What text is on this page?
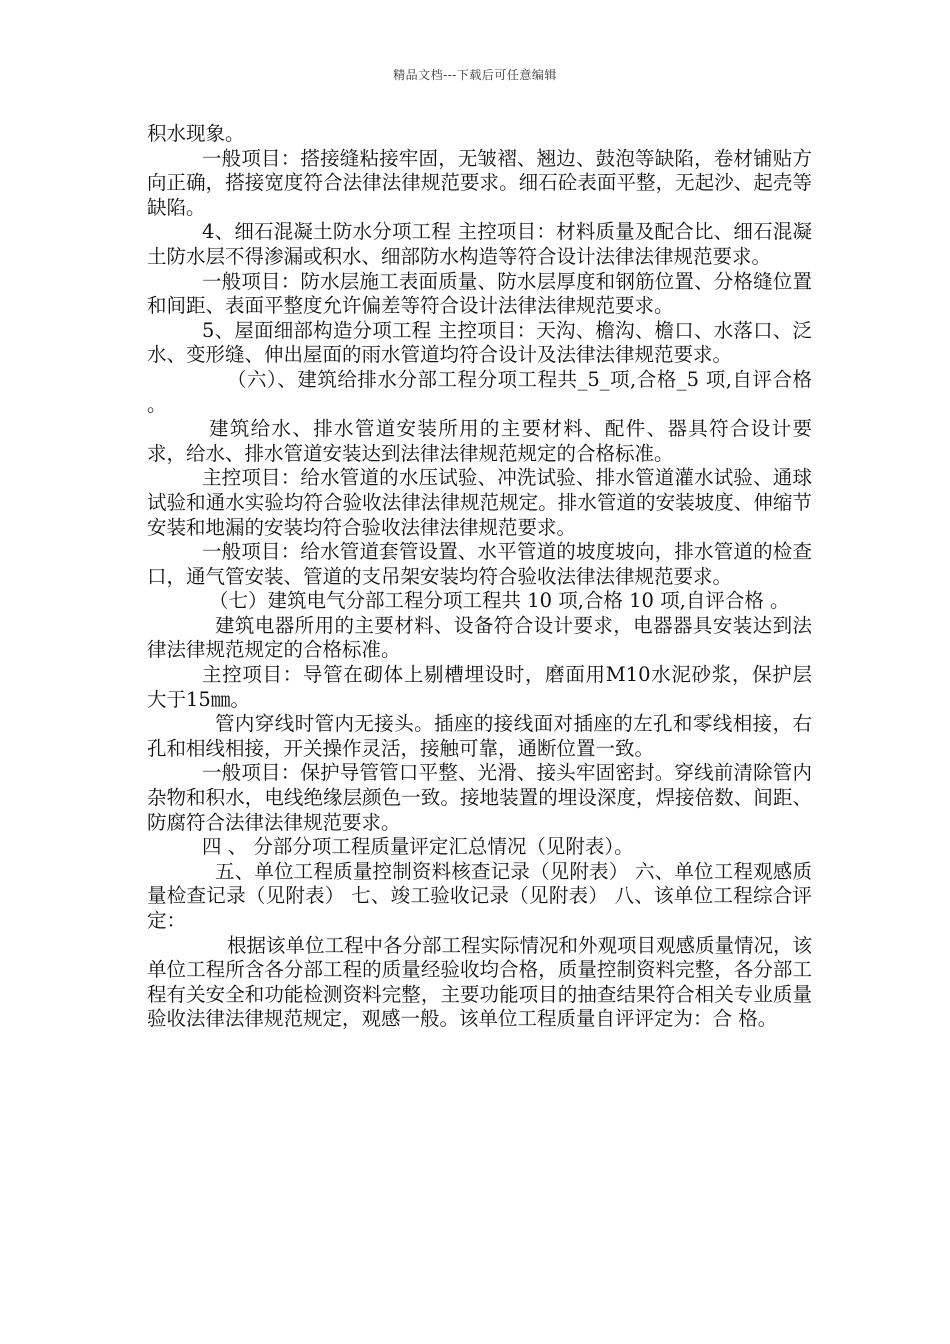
精品文档---下载后可任意编辑

积水现象。

一般项目：搭接缝粘接牢固，无皱褶、翘边、鼓泡等缺陷，卷材铺贴方向正确，搭接宽度符合法律法律规范要求。细石砼表面平整，无起沙、起壳等缺陷。

4、细石混凝土防水分项工程 主控项目：材料质量及配合比、细石混凝土防水层不得渗漏或积水、细部防水构造等符合设计法律法律规范要求。

一般项目：防水层施工表面质量、防水层厚度和钢筋位置、分格缝位置和间距、表面平整度允许偏差等符合设计法律法律规范要求。

5、屋面细部构造分项工程 主控项目：天沟、檐沟、檐口、水落口、泛水、变形缝、伸出屋面的雨水管道均符合设计及法律法律规范要求。

（六）、建筑给排水分部工程分项工程共_5_项,合格_5 项,自评合格 。

建筑给水、排水管道安装所用的主要材料、配件、器具符合设计要求，给水、排水管道安装达到法律法律规范规定的合格标准。

主控项目：给水管道的水压试验、冲洗试验、排水管道灌水试验、通球试验和通水实验均符合验收法律法律规范规定。排水管道的安装坡度、伸缩节安装和地漏的安装均符合验收法律法律规范要求。

一般项目：给水管道套管设置、水平管道的坡度坡向，排水管道的检查口，通气管安装、管道的支吊架安装均符合验收法律法律规范要求。

（七）建筑电气分部工程分项工程共 10 项,合格 10 项,自评合格 。

建筑电器所用的主要材料、设备符合设计要求，电器器具安装达到法律法律规范规定的合格标准。

主控项目：导管在砌体上剔槽埋设时，磨面用M10水泥砂浆，保护层大于15㎜。

管内穿线时管内无接头。插座的接线面对插座的左孔和零线相接，右孔和相线相接，开关操作灵活，接触可靠，通断位置一致。

一般项目：保护导管管口平整、光滑、接头牢固密封。穿线前清除管内杂物和积水，电线绝缘层颜色一致。接地装置的埋设深度，焊接倍数、间距、防腐符合法律法律规范要求。

四 、 分部分项工程质量评定汇总情况（见附表）。

五、单位工程质量控制资料核查记录（见附表） 六、单位工程观感质量检查记录（见附表） 七、竣工验收记录（见附表） 八、该单位工程综合评定：

根据该单位工程中各分部工程实际情况和外观项目观感质量情况，该单位工程所含各分部工程的质量经验收均合格，质量控制资料完整，各分部工程有关安全和功能检测资料完整，主要功能项目的抽查结果符合相关专业质量验收法律法律规范规定，观感一般。该单位工程质量自评评定为：合 格。
